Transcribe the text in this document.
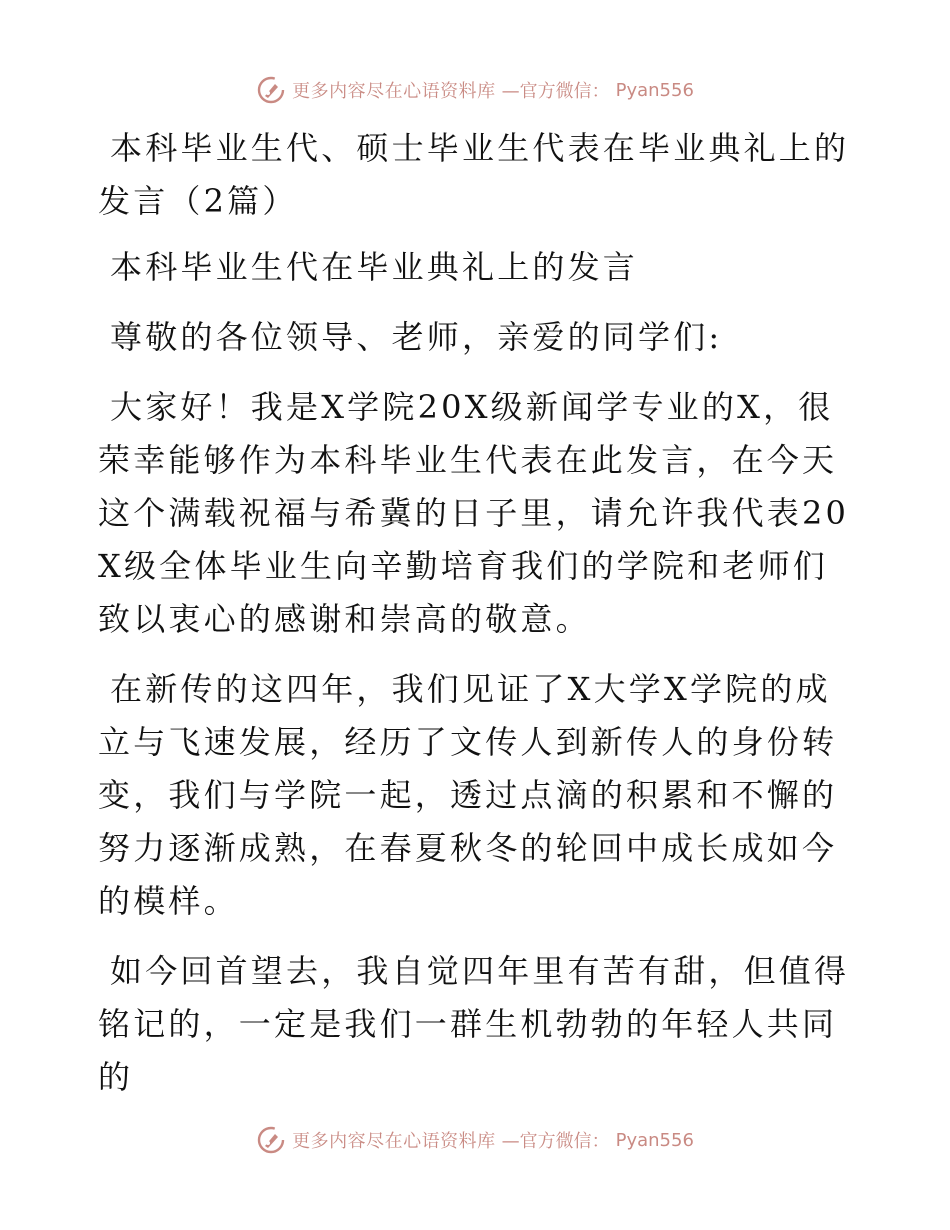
更多内容尽在心语资料库 —官方微信： Pyan556

本科毕业生代、硕士毕业生代表在毕业典礼上的发言（2篇）

本科毕业生代在毕业典礼上的发言

尊敬的各位领导、老师，亲爱的同学们:

大家好！我是X学院20X级新闻学专业的X，很荣幸能够作为本科毕业生代表在此发言，在今天这个满载祝福与希冀的日子里，请允许我代表20X级全体毕业生向辛勤培育我们的学院和老师们致以衷心的感谢和崇高的敬意。

在新传的这四年，我们见证了X大学X学院的成立与飞速发展，经历了文传人到新传人的身份转变，我们与学院一起，透过点滴的积累和不懈的努力逐渐成熟，在春夏秋冬的轮回中成长成如今的模样。

如今回首望去，我自觉四年里有苦有甜，但值得铭记的，一定是我们一群生机勃勃的年轻人共同的

更多内容尽在心语资料库 —官方微信： Pyan556
